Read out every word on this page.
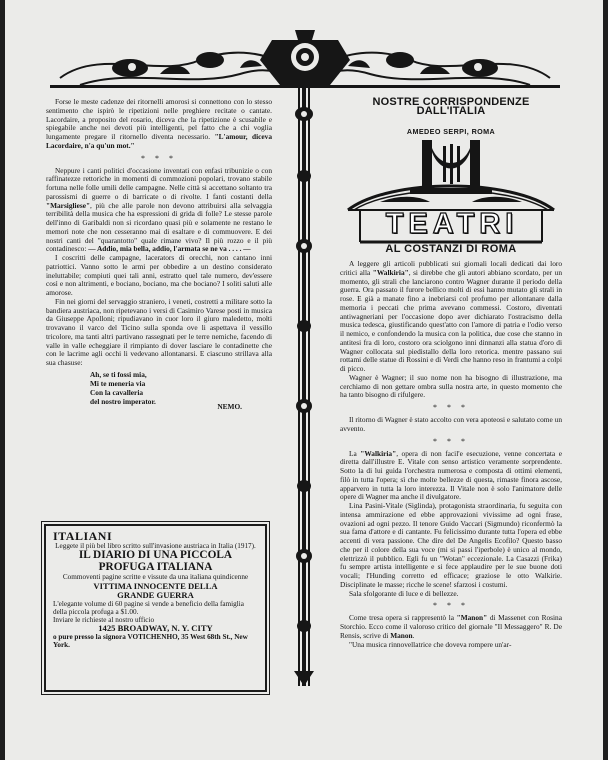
Forse le meste cadenze dei ritornelli amorosi si connettono con lo stesso sentimento che ispirò le ripetizioni nelle preghiere recitate o cantate. Lacordaire, a proposito del rosario, diceva che la ripetizione è scusabile e spiegabile anche nei devoti più intelligenti, pel fatto che a chi voglia lungamente pregare il ritornello diventa necessario. "L'amour, diceva Lacordaire, n'a qu'un mot."

* * *

Neppure i canti politici d'occasione inventati con enfasi tribunizie o con raffinatezze rettoriche in momenti di commozioni popolari, trovano stabile fortuna nelle folle umili delle campagne. Nelle città si accettano soltanto tra parossismi di guerre o di barricate o di rivolte. I fanti costanti della "Marsigliese", più che alle parole non devono attribuirsi alla selvaggia terribilità della musica che ha espressioni di grida di folle? Le stesse parole dell'inno di Garibaldi non si ricordano quasi più e solamente ne restano le memori note che non cesseranno mai di esaltare e di commuovere. E dei nostri canti del "quarantotto" quale rimane vivo? Il più rozzo e il più contadinesco: — Addio, mia bella, addio, l'armata se ne va . . . . —

I coscritti delle campagne, lacerators di orecchi, non cantano inni patriottici. Vanno sotto le armi per obbedire a un destino considerato ineluttabile; compiuti quei tali anni, estratto quel tale numero, dev'essere così e non altrimenti, e bociano, bociano, ma che bociano? I soliti saluti alle amorose.

Fin nei giorni del servaggio straniero, i veneti, costretti a militare sotto la bandiera austriaca, non ripetevano i versi di Casimiro Varese posti in musica da Giuseppe Apolloni; ripudiavano in cuor loro il giuro maledetto, molti trovavano il varco del Ticino sulla sponda ove li aspettava il vessillo tricolore, ma tanti altri partivano rassegnati per le terre nemiche, facendo di valle in valle echeggiare il rimpianto di dover lasciare le contadinette che con le lacrime agli occhi li vedevano allontanarsi. E ciascuno strillava alla sua chasuse:

Ah, se ti fossi mia,
Mi te meneria via
Con la cavalleria
del nostro imperator.	NEMO.
ITALIANI
Leggete il più bel libro scritto sull'invasione austriaca in Italia (1917).
IL DIARIO DI UNA PICCOLA
PROFUGA ITALIANA
Commoventi pagine scritte e vissute da una italiana quindicenne
VITTIMA INNOCENTE DELLA
GRANDE GUERRA
L'elegante volume di 60 pagine si vende a beneficio della famiglia della piccola profuga a $1.00.
Inviare le richieste al nostro ufficio
1425 BROADWAY, N. Y. CITY
o pure presso la signora VOTICHENHO, 35 West 68th St., New York.
NOSTRE CORRISPONDENZE DALL'ITALIA
AMEDEO SERPI, ROMA
TEATRI
AL COSTANZI DI ROMA

A leggere gli articoli pubblicati sui giornali locali dedicati dai loro critici alla "Walkiria", si direbbe che gli autori abbiano scordato, per un momento, gli strali che lanciarono contro Wagner durante il periodo della guerra. Ora passato il furore bellico molti di essi hanno mutato gli strali in rose. E già a manate fino a inebriarsi col profumo per allontanare dalla memoria i peccati che prima avevano commessi. Costoro, diventati antiwagneriani per l'occasione dopo aver dichiarato l'ostracismo della musica tedesca, giustificando quest'atto con l'amore di patria e l'odio verso il nemico, e confondendo la musica con la politica, due cose che stanno in antitesi fra di loro, costoro ora sciolgono inni dinnanzi alla statua d'oro di Wagner collocata sul piedistallo della loro retorica. mentre passano sui rottami delle statue di Rossini e di Verdi che hanno reso in frantumi a colpi di picco.

Wagner è Wagner; il suo nome non ha bisogno di illustrazione, ma cerchiamo di non gettare ombra sulla nostra arte, in questo momento che ha tanto bisogno di rifulgere.

* * *

Il ritorno di Wagner è stato accolto con vera apoteosi e salutato come un avvento.

* * *

La "Walkiria", opera di non facil'e esecuzione, venne concertata e diretta dall'illustre E. Vitale con senso artistico veramente sorprendente. Sotto la di lui guida l'orchestra numerosa e composta di ottimi elementi, filò in tutta l'opera; sì che molte bellezze di questa, rimaste finora ascose, apparvero in tutta la loro interezza. Il Vitale non è solo l'animatore delle opere di Wagner ma anche il divulgatore.

Lina Pasini-Vitale (Siglinda), protagonista straordinaria, fu seguita con intensa ammirazione ed ebbe approvazioni vivissime ad ogni frase, ovazioni ad ogni pezzo. Il tenore Guido Vaccari (Sigmundo) riconfermò la sua fama d'attore e di cantante. Fu felicissimo durante tutta l'opera ed ebbe accenti di vera passione. Che dire del De Angelis Ecofilo? Questo basso che per il colore della sua voce (mi si passi l'iperbole) è unico al mondo, elettrizzò il pubblico. Egli fu un "Wotan" eccezionale. La Casazzi (Frika) fu sempre artista intelligente e si fece applaudire per le sue buone doti vocali; l'Hunding corretto ed efficace; graziose le otto Walkirie. Disciplinate le masse; ricche le scene! sfarzosi i costumi.

Sala sfolgorante di luce e di bellezze.

* * *

Come tresa opera si rappresentò la "Manon" di Massenet con Rosina Storchio. Ecco come il valoroso critico del giornale "Il Messaggero" R. De Rensis, scrive di Manon.

"Una musica rinnovellatrice che doveva rompere un'ar-
